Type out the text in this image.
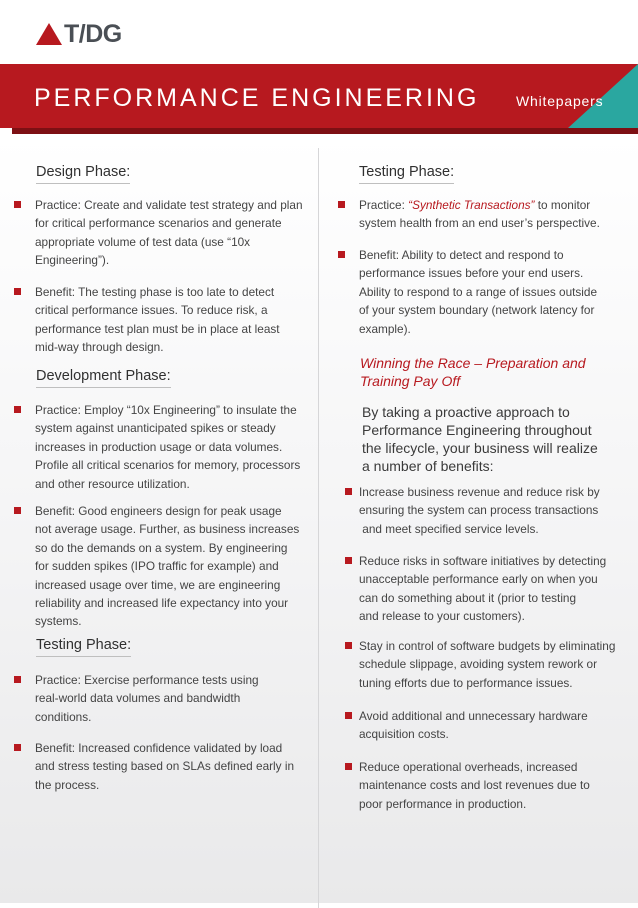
T/DG
PERFORMANCE ENGINEERING	Whitepapers
Design Phase:
Practice: Create and validate test strategy and plan
for critical performance scenarios and generate
appropriate volume of test data (use “10x
Engineering”).
Benefit: The testing phase is too late to detect
critical performance issues. To reduce risk, a
performance test plan must be in place at least
mid-way through design.
Development Phase:
Practice: Employ “10x Engineering” to insulate the
system against unanticipated spikes or steady
increases in production usage or data volumes.
Profile all critical scenarios for memory, processors
and other resource utilization.
Benefit: Good engineers design for peak usage
not average usage. Further, as business increases
so do the demands on a system. By engineering
for sudden spikes (IPO traffic for example) and
increased usage over time, we are engineering
reliability and increased life expectancy into your
systems.
Testing Phase:
Practice: Exercise performance tests using
real-world data volumes and bandwidth
conditions.
Benefit: Increased confidence validated by load
and stress testing based on SLAs defined early in
the process.
Testing Phase:
Practice: “Synthetic Transactions” to monitor
system health from an end user’s perspective.
Benefit: Ability to detect and respond to
performance issues before your end users.
Ability to respond to a range of issues outside
of your system boundary (network latency for
example).
Winning the Race – Preparation and
Training Pay Off
By taking a proactive approach to
Performance Engineering throughout
the lifecycle, your business will realize
a number of benefits:
Increase business revenue and reduce risk by
ensuring the system can process transactions
and meet specified service levels.
Reduce risks in software initiatives by detecting
unacceptable performance early on when you
can do something about it (prior to testing
and release to your customers).
Stay in control of software budgets by eliminating
schedule slippage, avoiding system rework or
tuning efforts due to performance issues.
Avoid additional and unnecessary hardware
acquisition costs.
Reduce operational overheads, increased
maintenance costs and lost revenues due to
poor performance in production.
